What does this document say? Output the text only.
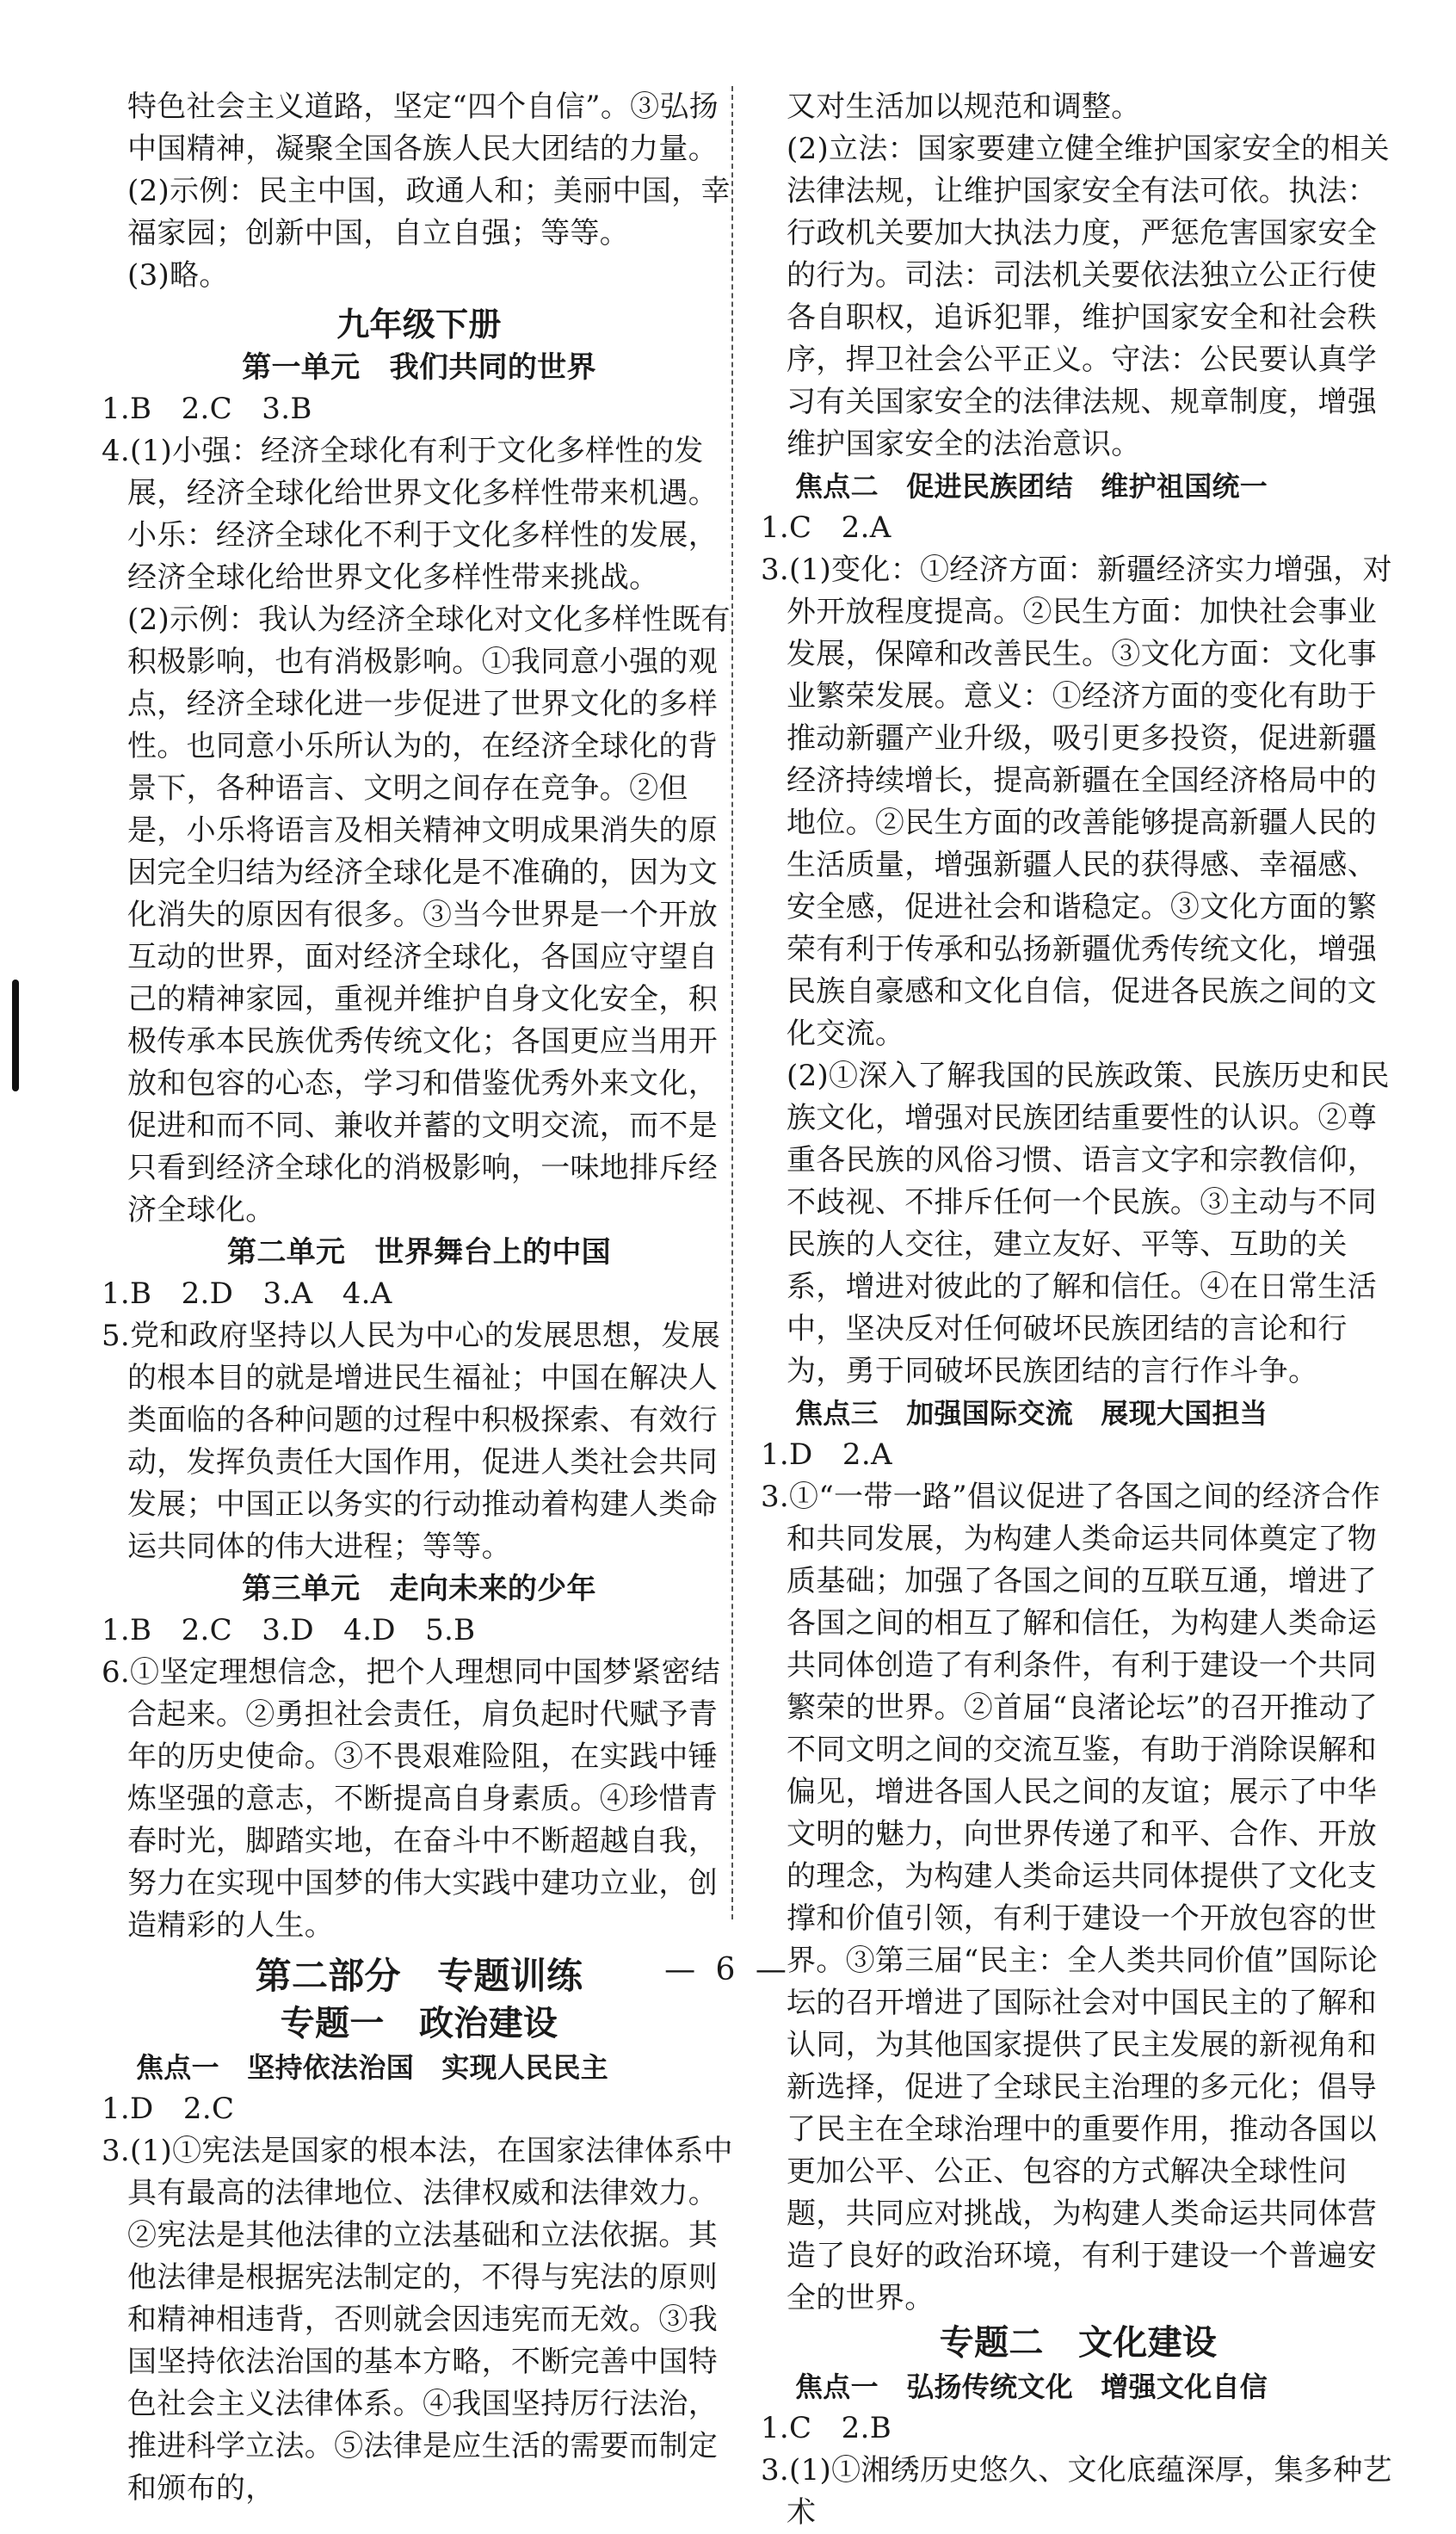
特色社会主义道路，坚定“四个自信”。③弘扬中国精神，凝聚全国各族人民大团结的力量。
(2)示例：民主中国，政通人和；美丽中国，幸福家园；创新中国，自立自强；等等。
(3)略。
九年级下册
第一单元　我们共同的世界
1.B　2.C　3.B
4.(1)小强：经济全球化有利于文化多样性的发展，经济全球化给世界文化多样性带来机遇。小乐：经济全球化不利于文化多样性的发展，经济全球化给世界文化多样性带来挑战。
(2)示例：我认为经济全球化对文化多样性既有积极影响，也有消极影响。①我同意小强的观点，经济全球化进一步促进了世界文化的多样性。也同意小乐所认为的，在经济全球化的背景下，各种语言、文明之间存在竞争。②但是，小乐将语言及相关精神文明成果消失的原因完全归结为经济全球化是不准确的，因为文化消失的原因有很多。③当今世界是一个开放互动的世界，面对经济全球化，各国应守望自己的精神家园，重视并维护自身文化安全，积极传承本民族优秀传统文化；各国更应当用开放和包容的心态，学习和借鉴优秀外来文化，促进和而不同、兼收并蓄的文明交流，而不是只看到经济全球化的消极影响，一味地排斥经济全球化。
第二单元　世界舞台上的中国
1.B　2.D　3.A　4.A
5.党和政府坚持以人民为中心的发展思想，发展的根本目的就是增进民生福祉；中国在解决人类面临的各种问题的过程中积极探索、有效行动，发挥负责任大国作用，促进人类社会共同发展；中国正以务实的行动推动着构建人类命运共同体的伟大进程；等等。
第三单元　走向未来的少年
1.B　2.C　3.D　4.D　5.B
6.①坚定理想信念，把个人理想同中国梦紧密结合起来。②勇担社会责任，肩负起时代赋予青年的历史使命。③不畏艰难险阻，在实践中锤炼坚强的意志，不断提高自身素质。④珍惜青春时光，脚踏实地，在奋斗中不断超越自我，努力在实现中国梦的伟大实践中建功立业，创造精彩的人生。
第二部分　专题训练
专题一　政治建设
焦点一　坚持依法治国　实现人民民主
1.D　2.C
3.(1)①宪法是国家的根本法，在国家法律体系中具有最高的法律地位、法律权威和法律效力。
②宪法是其他法律的立法基础和立法依据。其他法律是根据宪法制定的，不得与宪法的原则和精神相违背，否则就会因违宪而无效。③我国坚持依法治国的基本方略，不断完善中国特色社会主义法律体系。④我国坚持厉行法治，推进科学立法。⑤法律是应生活的需要而制定和颁布的，
又对生活加以规范和调整。
(2)立法：国家要建立健全维护国家安全的相关法律法规，让维护国家安全有法可依。执法：行政机关要加大执法力度，严惩危害国家安全的行为。司法：司法机关要依法独立公正行使各自职权，追诉犯罪，维护国家安全和社会秩序，捍卫社会公平正义。守法：公民要认真学习有关国家安全的法律法规、规章制度，增强维护国家安全的法治意识。
焦点二　促进民族团结　维护祖国统一
1.C　2.A
3.(1)变化：①经济方面：新疆经济实力增强，对外开放程度提高。②民生方面：加快社会事业发展，保障和改善民生。③文化方面：文化事业繁荣发展。意义：①经济方面的变化有助于推动新疆产业升级，吸引更多投资，促进新疆经济持续增长，提高新疆在全国经济格局中的地位。②民生方面的改善能够提高新疆人民的生活质量，增强新疆人民的获得感、幸福感、安全感，促进社会和谐稳定。③文化方面的繁荣有利于传承和弘扬新疆优秀传统文化，增强民族自豪感和文化自信，促进各民族之间的文化交流。
(2)①深入了解我国的民族政策、民族历史和民族文化，增强对民族团结重要性的认识。②尊重各民族的风俗习惯、语言文字和宗教信仰，不歧视、不排斥任何一个民族。③主动与不同民族的人交往，建立友好、平等、互助的关系，增进对彼此的了解和信任。④在日常生活中，坚决反对任何破坏民族团结的言论和行为，勇于同破坏民族团结的言行作斗争。
焦点三　加强国际交流　展现大国担当
1.D　2.A
3.①“一带一路”倡议促进了各国之间的经济合作和共同发展，为构建人类命运共同体奠定了物质基础；加强了各国之间的互联互通，增进了各国之间的相互了解和信任，为构建人类命运共同体创造了有利条件，有利于建设一个共同繁荣的世界。②首届“良渚论坛”的召开推动了不同文明之间的交流互鉴，有助于消除误解和偏见，增进各国人民之间的友谊；展示了中华文明的魅力，向世界传递了和平、合作、开放的理念，为构建人类命运共同体提供了文化支撑和价值引领，有利于建设一个开放包容的世界。③第三届“民主：全人类共同价值”国际论坛的召开增进了国际社会对中国民主的了解和认同，为其他国家提供了民主发展的新视角和新选择，促进了全球民主治理的多元化；倡导了民主在全球治理中的重要作用，推动各国以更加公平、公正、包容的方式解决全球性问题，共同应对挑战，为构建人类命运共同体营造了良好的政治环境，有利于建设一个普遍安全的世界。
专题二　文化建设
焦点一　弘扬传统文化　增强文化自信
1.C　2.B
3.(1)①湘绣历史悠久、文化底蕴深厚，集多种艺术
— 6 —
